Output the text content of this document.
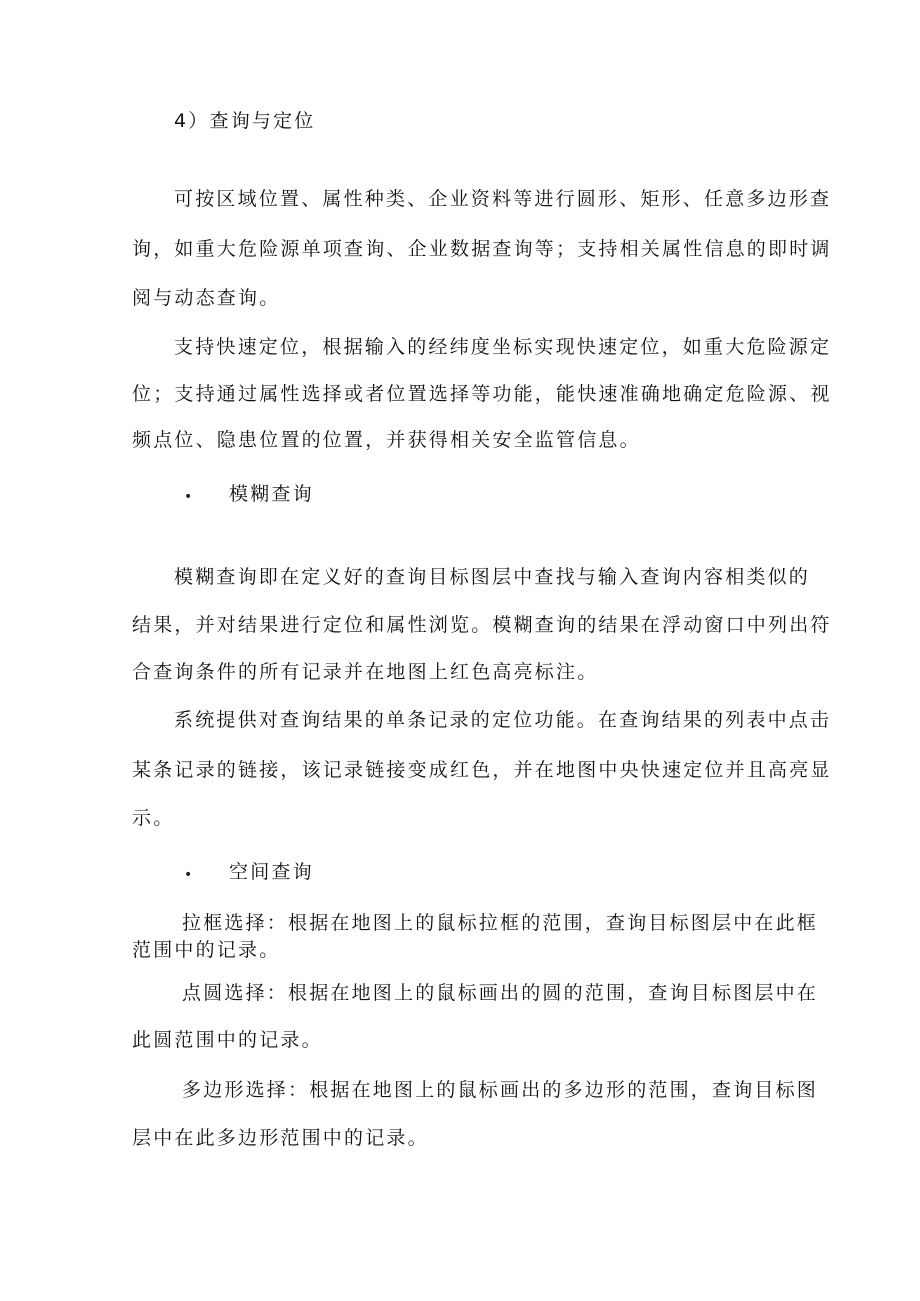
4）查询与定位
可按区域位置、属性种类、企业资料等进行圆形、矩形、任意多边形查
询，如重大危险源单项查询、企业数据查询等；支持相关属性信息的即时调
阅与动态查询。
支持快速定位，根据输入的经纬度坐标实现快速定位，如重大危险源定
位；支持通过属性选择或者位置选择等功能，能快速准确地确定危险源、视
频点位、隐患位置的位置，并获得相关安全监管信息。
• 模糊查询
模糊查询即在定义好的查询目标图层中查找与输入查询内容相类似的
结果，并对结果进行定位和属性浏览。模糊查询的结果在浮动窗口中列出符
合查询条件的所有记录并在地图上红色高亮标注。
系统提供对查询结果的单条记录的定位功能。在查询结果的列表中点击
某条记录的链接，该记录链接变成红色，并在地图中央快速定位并且高亮显
示。
• 空间查询
拉框选择：根据在地图上的鼠标拉框的范围，查询目标图层中在此框
范围中的记录。
点圆选择：根据在地图上的鼠标画出的圆的范围，查询目标图层中在
此圆范围中的记录。
多边形选择：根据在地图上的鼠标画出的多边形的范围，查询目标图
层中在此多边形范围中的记录。
